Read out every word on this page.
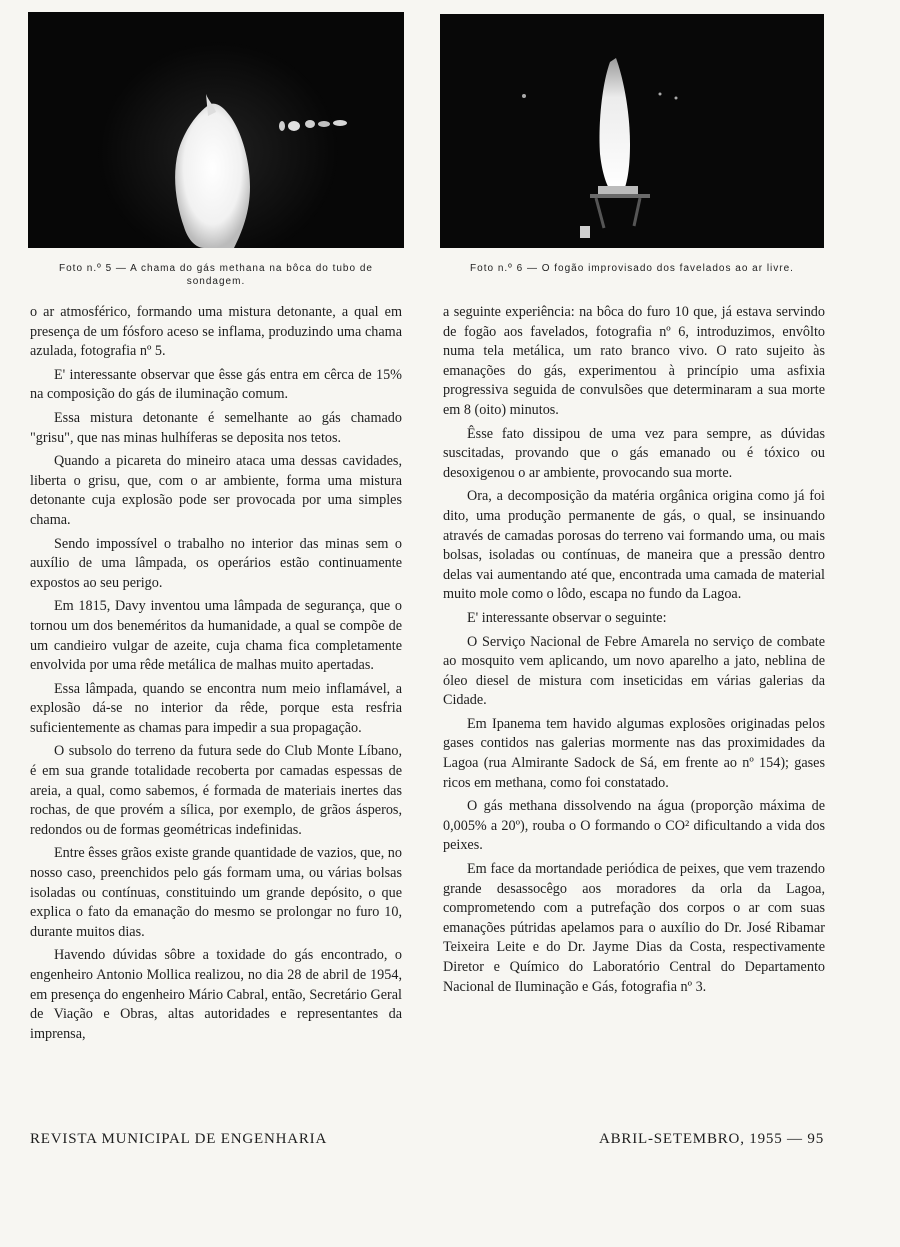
Foto n.º 5 — A chama do gás methana na bôca do tubo de sondagem.
Foto n.º 6 — O fogão improvisado dos favelados ao ar livre.

o ar atmosférico, formando uma mistura detonante, a qual em presença de um fósforo aceso se inflama, produzindo uma chama azulada, fotografia nº 5.

E' interessante observar que êsse gás entra em cêrca de 15% na composição do gás de iluminação comum.

Essa mistura detonante é semelhante ao gás chamado "grisu", que nas minas hulhíferas se deposita nos tetos.

Quando a picareta do mineiro ataca uma dessas cavidades, liberta o grisu, que, com o ar ambiente, forma uma mistura detonante cuja explosão pode ser provocada por uma simples chama.

Sendo impossível o trabalho no interior das minas sem o auxílio de uma lâmpada, os operários estão continuamente expostos ao seu perigo.

Em 1815, Davy inventou uma lâmpada de segurança, que o tornou um dos beneméritos da humanidade, a qual se compõe de um candieiro vulgar de azeite, cuja chama fica completamente envolvida por uma rêde metálica de malhas muito apertadas.

Essa lâmpada, quando se encontra num meio inflamável, a explosão dá-se no interior da rêde, porque esta resfria suficientemente as chamas para impedir a sua propagação.

O subsolo do terreno da futura sede do Club Monte Líbano, é em sua grande totalidade recoberta por camadas espessas de areia, a qual, como sabemos, é formada de materiais inertes das rochas, de que provém a sílica, por exemplo, de grãos ásperos, redondos ou de formas geométricas indefinidas.

Entre êsses grãos existe grande quantidade de vazios, que, no nosso caso, preenchidos pelo gás formam uma, ou várias bolsas isoladas ou contínuas, constituindo um grande depósito, o que explica o fato da emanação do mesmo se prolongar no furo 10, durante muitos dias.

Havendo dúvidas sôbre a toxidade do gás encontrado, o engenheiro Antonio Mollica realizou, no dia 28 de abril de 1954, em presença do engenheiro Mário Cabral, então, Secretário Geral de Viação e Obras, altas autoridades e representantes da imprensa,

a seguinte experiência: na bôca do furo 10 que, já estava servindo de fogão aos favelados, fotografia nº 6, introduzimos, envôlto numa tela metálica, um rato branco vivo. O rato sujeito às emanações do gás, experimentou à princípio uma asfixia progressiva seguida de convulsões que determinaram a sua morte em 8 (oito) minutos.

Êsse fato dissipou de uma vez para sempre, as dúvidas suscitadas, provando que o gás emanado ou é tóxico ou desoxigenou o ar ambiente, provocando sua morte.

Ora, a decomposição da matéria orgânica origina como já foi dito, uma produção permanente de gás, o qual, se insinuando através de camadas porosas do terreno vai formando uma, ou mais bolsas, isoladas ou contínuas, de maneira que a pressão dentro delas vai aumentando até que, encontrada uma camada de material muito mole como o lôdo, escapa no fundo da Lagoa.

E' interessante observar o seguinte:

O Serviço Nacional de Febre Amarela no serviço de combate ao mosquito vem aplicando, um novo aparelho a jato, neblina de óleo diesel de mistura com inseticidas em várias galerias da Cidade.

Em Ipanema tem havido algumas explosões originadas pelos gases contidos nas galerias mormente nas das proximidades da Lagoa (rua Almirante Sadock de Sá, em frente ao nº 154); gases ricos em methana, como foi constatado.

O gás methana dissolvendo na água (proporção máxima de 0,005% a 20º), rouba o O formando o CO² dificultando a vida dos peixes.

Em face da mortandade periódica de peixes, que vem trazendo grande desassocêgo aos moradores da orla da Lagoa, comprometendo com a putrefação dos corpos o ar com suas emanações pútridas apelamos para o auxílio do Dr. José Ribamar Teixeira Leite e do Dr. Jayme Dias da Costa, respectivamente Diretor e Químico do Laboratório Central do Departamento Nacional de Iluminação e Gás, fotografia nº 3.

REVISTA MUNICIPAL DE ENGENHARIA	ABRIL-SETEMBRO, 1955 — 95
